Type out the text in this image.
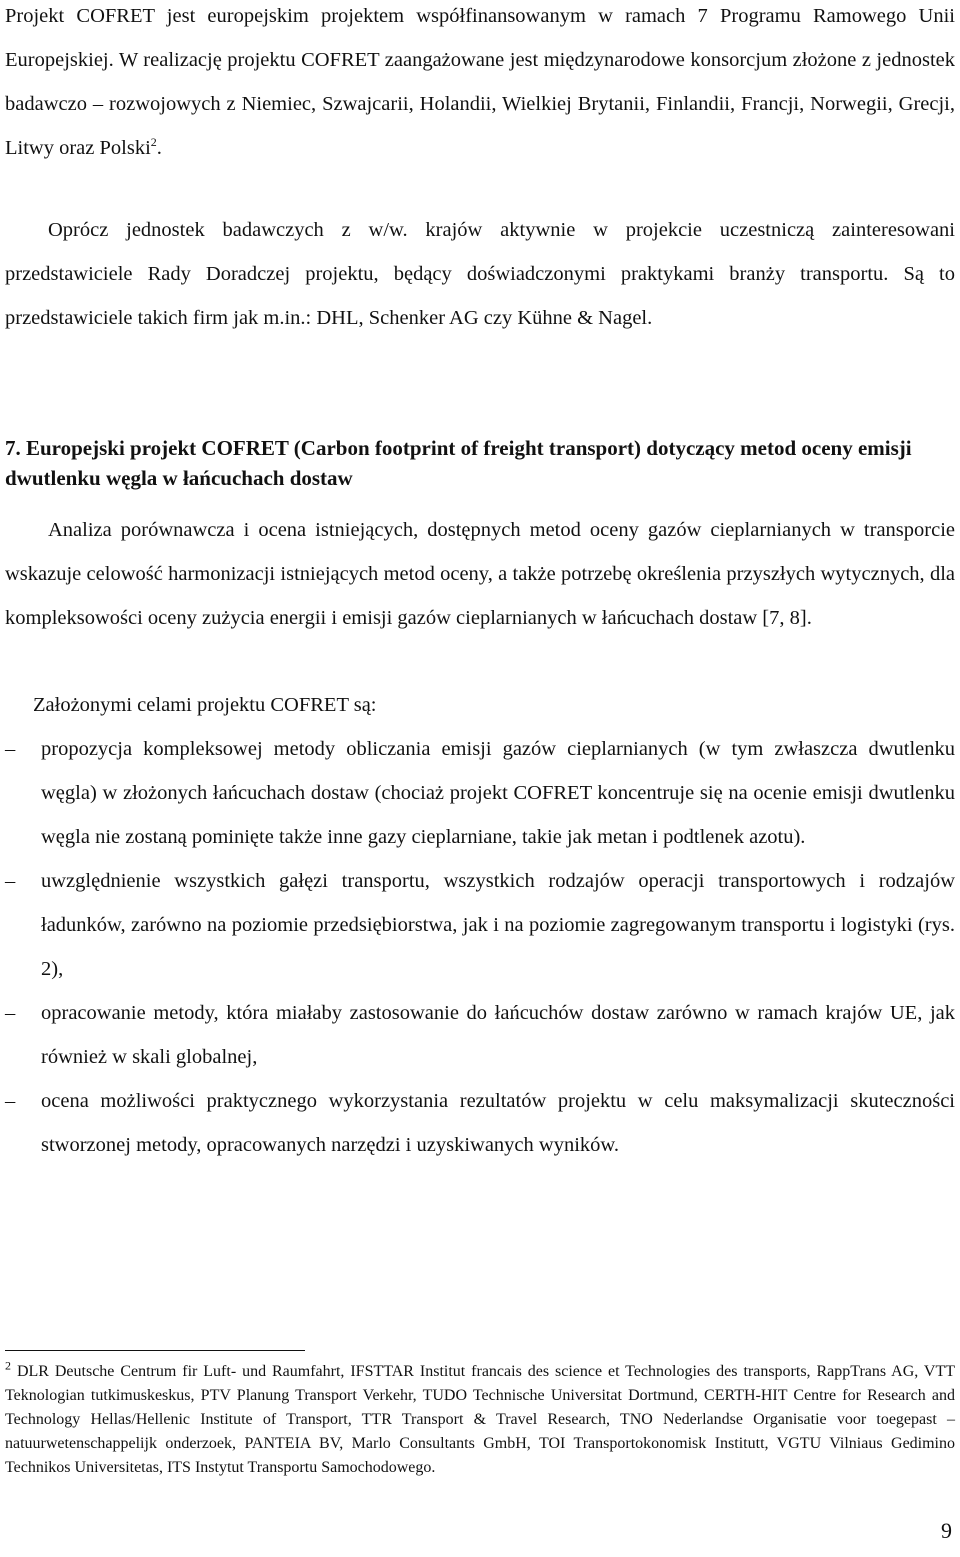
Projekt COFRET jest europejskim projektem współfinansowanym w ramach 7 Programu Ramowego Unii Europejskiej. W realizację projektu COFRET zaangażowane jest międzynarodowe konsorcjum złożone z jednostek badawczo – rozwojowych z Niemiec, Szwajcarii, Holandii, Wielkiej Brytanii, Finlandii, Francji, Norwegii, Grecji, Litwy oraz Polski$^2$.

Oprócz jednostek badawczych z w/w. krajów aktywnie w projekcie uczestniczą zainteresowani przedstawiciele Rady Doradczej projektu, będący doświadczonymi praktykami branży transportu. Są to przedstawiciele takich firm jak m.in.: DHL, Schenker AG czy Kühne & Nagel.

7. Europejski projekt COFRET (Carbon footprint of freight transport) dotyczący metod oceny emisji dwutlenku węgla w łańcuchach dostaw

Analiza porównawcza i ocena istniejących, dostępnych metod oceny gazów cieplarnianych w transporcie wskazuje celowość harmonizacji istniejących metod oceny, a także potrzebę określenia przyszłych wytycznych, dla kompleksowości oceny zużycia energii i emisji gazów cieplarnianych w łańcuchach dostaw [7, 8].

Założonymi celami projektu COFRET są:

–	propozycja kompleksowej metody obliczania emisji gazów cieplarnianych (w tym zwłaszcza dwutlenku węgla) w złożonych łańcuchach dostaw (chociaż projekt COFRET koncentruje się na ocenie emisji dwutlenku węgla nie zostaną pominięte także inne gazy cieplarniane, takie jak metan i podtlenek azotu).
–	uwzględnienie wszystkich gałęzi transportu, wszystkich rodzajów operacji transportowych i rodzajów ładunków, zarówno na poziomie przedsiębiorstwa, jak i na poziomie zagregowanym transportu i logistyki (rys. 2),
–	opracowanie metody, która miałaby zastosowanie do łańcuchów dostaw zarówno w ramach krajów UE, jak również w skali globalnej,
–	ocena możliwości praktycznego wykorzystania rezultatów projektu w celu maksymalizacji skuteczności stworzonej metody, opracowanych narzędzi i uzyskiwanych wyników.

$^2$ DLR Deutsche Centrum fir Luft- und Raumfahrt, IFSTTAR Institut francais des science et Technologies des transports, RappTrans AG, VTT Teknologian tutkimuskeskus, PTV Planung Transport Verkehr, TUDO Technische Universitat Dortmund, CERTH-HIT Centre for Research and Technology Hellas/Hellenic Institute of Transport, TTR Transport & Travel Research, TNO Nederlandse Organisatie voor toegepast – natuurwetenschappelijk onderzoek, PANTEIA BV, Marlo Consultants GmbH, TOI Transportokonomisk Institutt, VGTU Vilniaus Gedimino Technikos Universitetas, ITS Instytut Transportu Samochodowego.

9
